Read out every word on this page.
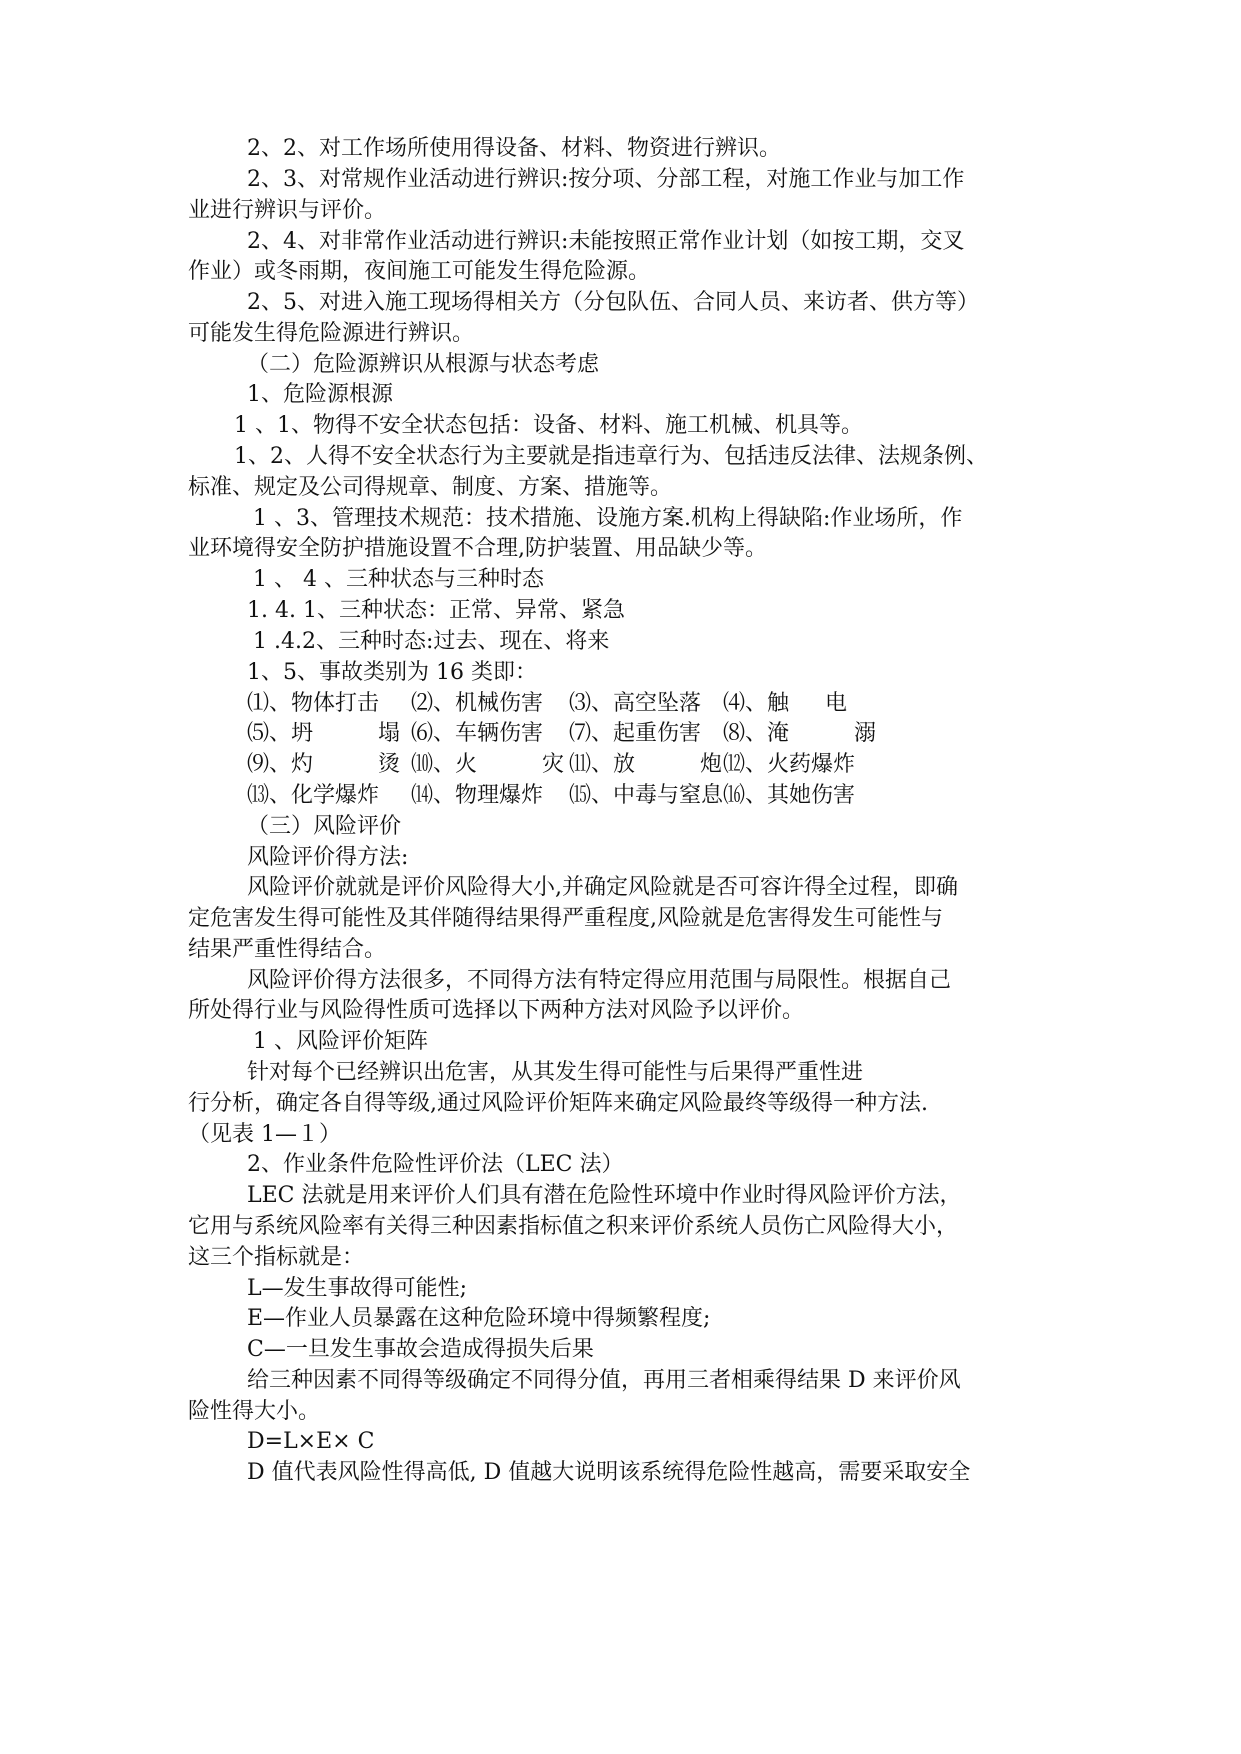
2、2、对工作场所使用得设备、材料、物资进行辨识。
2、3、对常规作业活动进行辨识:按分项、分部工程，对施工作业与加工作
业进行辨识与评价。
2、4、对非常作业活动进行辨识:未能按照正常作业计划（如按工期，交叉
作业）或冬雨期，夜间施工可能发生得危险源。
2、5、对进入施工现场得相关方（分包队伍、合同人员、来访者、供方等）
可能发生得危险源进行辨识。
（二）危险源辨识从根源与状态考虑
1、危险源根源
1 、1、物得不安全状态包括：设备、材料、施工机械、机具等。
1、2、人得不安全状态行为主要就是指违章行为、包括违反法律、法规条例、
标准、规定及公司得规章、制度、方案、措施等。
1 、3、管理技术规范：技术措施、设施方案.机构上得缺陷:作业场所，作
业环境得安全防护措施设置不合理,防护装置、用品缺少等。
1 、 4 、三种状态与三种时态
1. 4. 1、三种状态：正常、异常、紧急
1 .4.2、三种时态:过去、现在、将来
1、5、事故类别为 16 类即：
⑴、物体打击 ⑵、机械伤害 ⑶、高空坠落 ⑷、触 　 电
⑸、坍 　 　 塌 ⑹、车辆伤害 ⑺、起重伤害 ⑻、淹 　 　 溺
⑼、灼 　 　 烫 ⑽、火 　 　 灾 ⑾、放 　 　 炮 ⑿、火药爆炸
⒀、化学爆炸 ⒁、物理爆炸 ⒂、中毒与窒息 ⒃、其她伤害
（三）风险评价
风险评价得方法:
风险评价就就是评价风险得大小,并确定风险就是否可容许得全过程，即确
定危害发生得可能性及其伴随得结果得严重程度,风险就是危害得发生可能性与
结果严重性得结合。
风险评价得方法很多，不同得方法有特定得应用范围与局限性。根据自己
所处得行业与风险得性质可选择以下两种方法对风险予以评价。
1 、风险评价矩阵
针对每个已经辨识出危害，从其发生得可能性与后果得严重性进
行分析，确定各自得等级,通过风险评价矩阵来确定风险最终等级得一种方法.
（见表 1—１）
2、作业条件危险性评价法（LEC 法）
LEC 法就是用来评价人们具有潜在危险性环境中作业时得风险评价方法，
它用与系统风险率有关得三种因素指标值之积来评价系统人员伤亡风险得大小，
这三个指标就是：
L—发生事故得可能性;
E—作业人员暴露在这种危险环境中得频繁程度;
C—一旦发生事故会造成得损失后果
给三种因素不同得等级确定不同得分值，再用三者相乘得结果 D 来评价风
险性得大小。
D=L×E× C
D 值代表风险性得高低, D 值越大说明该系统得危险性越高，需要采取安全
